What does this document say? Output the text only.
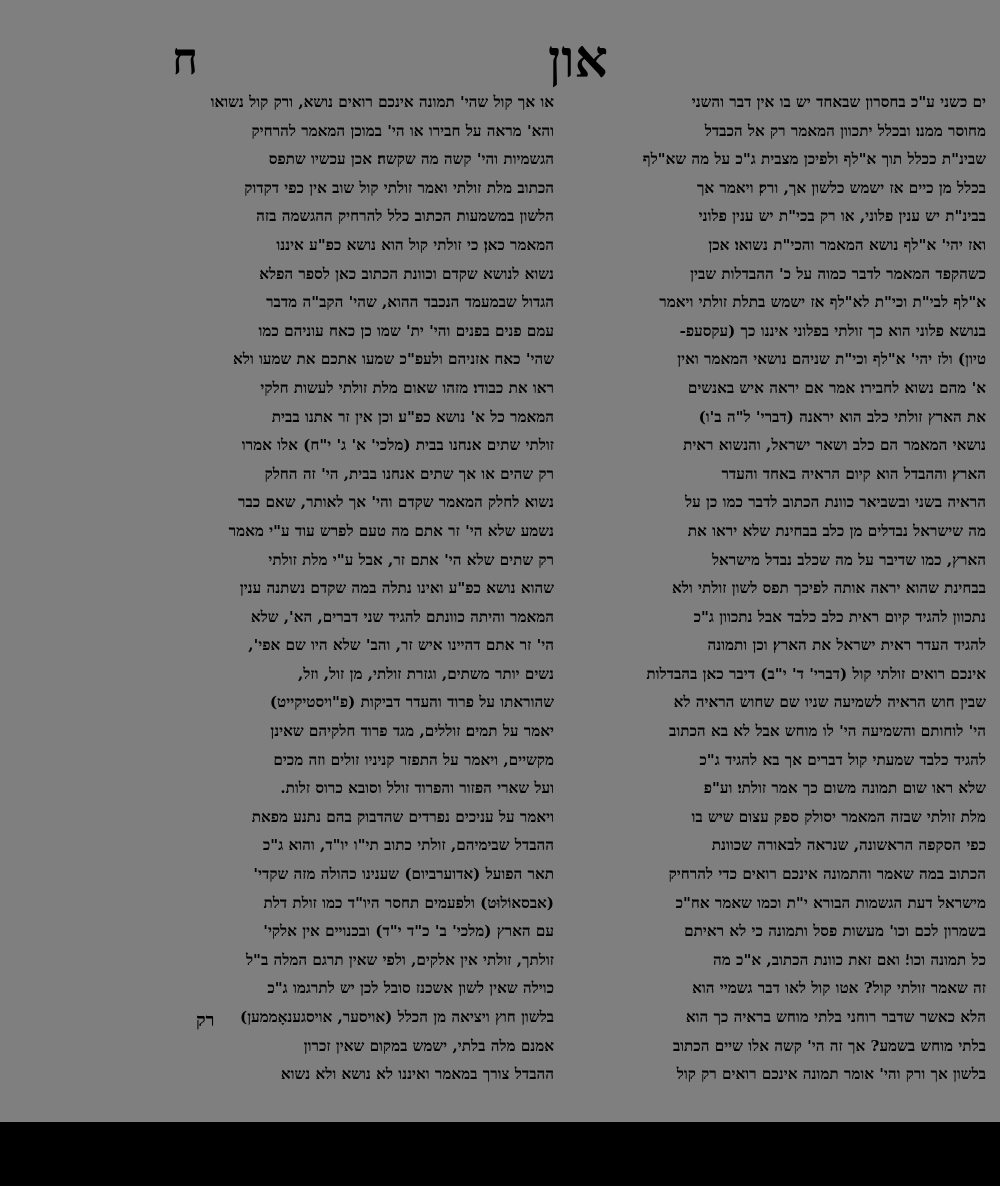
און
ח
ים כשני ע"כ בחסרון שבאחד יש בו אין דבר והשני
מחוסר ממנו׃ ובכלל יתכוון המאמר רק אל הכבדל
שבינ"ת ככלל תוך א"לף ולפיכן מצבית ג"כ על מה שא"לף
בכלל מן כיים אז ישמש כלשון אך, ורק׃ ויאמר אך
בבינ"ת יש ענין פלוני, או רק בכי"ת יש ענין פלוני
ואז יהי' א"לף נושא המאמר והכי"ת נשואו׃ אכן
כשהקפד המאמר לדבר כמוה על כ' ההבדלות שבין
א"לף לבי"ת וכי"ת לא"לף אז ישמש בתלת זולתי ויאמר
בנושא פלוני הוא כך זולתי בפלוני איננו כך (עקסעפ-
טיון) ולז יהי' א"לף וכי"ת שניהם נושאי המאמר ואין
א' מהם נשוא לחבירו׃ אמר אם יראה איש באנשים
את הארץ זולתי כלב הוא יראנה (דברי' ל"ה ב'ו)
נושאי המאמר הם כלב ושאר ישראל, והנשוא ראית
הארץ׃ וההבדל הוא קיום הראיה באחד והעדר
הראיה בשני ובשביאר כוונת הכתוב לדבר כמו כן על
מה שישראל נבדלים מן כלב בבחינת שלא יראו את
הארץ, כמו שדיבר על מה שכלב נבדל מישראל
בבחינת שהוא יראה אותה לפיכך תפס לשון זולתי ולא
נתכוון להגיד קיום ראית כלב כלבד אבל נתכוון ג"כ
להגיד העדר ראית ישראל את הארץ׃ וכן ותמונה
אינכם רואים זולתי קול (דברי' ד' י"ב) דיבר כאן בהבדלות
שבין חוש הראיה לשמיעה שניו שם שחוש הראיה לא
הי' לוחותם והשמיעה הי' לו מוחש אבל לא בא הכתוב
להגיד כלבד שמעתי קול דברים אך בא להגיד ג"כ
שלא ראו שום תמונה משום כך אמר זולתי׃ וע"פ
מלת זולתי שבזה המאמר יסולק ספק עצום שיש בו
כפי הסקפה הראשונה, שנראה לבאורה שכוונת
הכתוב במה שאמר והתמונה אינכם רואים כדי להרחיק
מישראל דעת הגשמות הבורא י"ת וכמו שאמר אח"כ
בשמרון לכם וכו' מעשות פסל ותמונה כי לא ראיתם
כל תמונה וכו'׃ ואם זאת כוונת הכתוב, א"כ מה
זה שאמר זולתי קול? אטו קול לאו דבר גשמיי הוא
הלא כאשר שדבר רוחני בלתי מוחש בראיה כך הוא
בלתי מוחש בשמע? אך זה הי' קשה אלו שיים הכתוב
בלשון אך ורק והי' אומר תמונה אינכם רואים רק קול
או אך קול שהי' תמונה אינכם רואים נושא, ורק קול נשואו
והא' מראה על חבירו או הי' במוכן המאמר להרחיק
הגשמיות והי' קשה מה שקשה׃ אכן עכשיו שתפס
הכתוב מלת זולתי ואמר זולתי קול שוב אין כפי דקדוק
הלשון במשמעות הכתוב כלל להרחיק ההגשמה בזה
המאמר כאן׃ כי זולתי קול הוא נושא כפ"ע איננו
נשוא לנושא שקדם וכוונת הכתוב כאן לספר הפלא
הגדול שבמעמד הנכבד ההוא, שהי' הקב"ה מדבר
עמם פנים בפנים והי' ית' שמו כן כאח עוניהם כמו
שהי' כאח אזניהם ולעפ"כ שמעו אתכם את שמעו ולא
ראו את כבודו׃ מזהו שאום מלת זולתי לעשות חלקי
המאמר כל א' נושא כפ"ע׃ וכן אין זר אתנו בבית
זולתי שתים אנחנו בבית (מלכי' א' ג' י"ח) אלו אמרו
רק שהים או אך שתים אנחנו בבית, הי' זה החלק
נשוא לחלק המאמר שקדם והי' אך לאותר, שאם כבר
נשמע שלא הי' זר אתם מה טעם לפרש עוד ע"י מאמר
רק שתים שלא הי' אתם זר, אבל ע"י מלת זולתי
שהוא נושא כפ"ע ואינו נתלה במה שקדם נשתנה ענין
המאמר והיתה כוונתם להגיד שני דברים, הא', שלא
הי' זר אתם דהיינו איש זר, והב' שלא היו שם אפי',
נשים יותר משתים, וגזרת זולתי, מן זול, וזל,
שהוראתו על פרוד והעדר דביקות (פ"ויסטיקייט)
יאמר על תמים׃ זוללים, מגד פרוד חלקיהם שאינן
מקשיים, ויאמר על התפזר קניניו זולים וזה מכים
ועל שארי הפזור והפרוד זולל וסובא כרוס זלות.
ויאמר על עניכים נפרדים שהדבוק בהם נתנע מפאת
ההבדל שבימיהם, זולתי כתוב תי"ו יו"ד, והוא ג"כ
תאר הפועל (אדוערביום) שענינו כהולה מזה שקדי'
(אבסאוֹלוּט) ולפעמים תחסר היו"ד כמו זולת דלת
עם הארץ (מלכי' ב' כ"ד י"ד) ובכנויים אין אלקי'
זולתך, זולתי אין אלקים, ולפי שאין תרגם המלה ב"ל
כוילה שאין לשון אשכנז סובל לכן יש לתרגמו ג"כ
בלשון חוץ ויציאה מן הכלל (אויסער, אויסגענאָממען)
אמנם מלה בלתי, ישמש במקום שאין זכרון
ההבדל צורך במאמר ואיננו לא נושא ולא נשוא
רק
